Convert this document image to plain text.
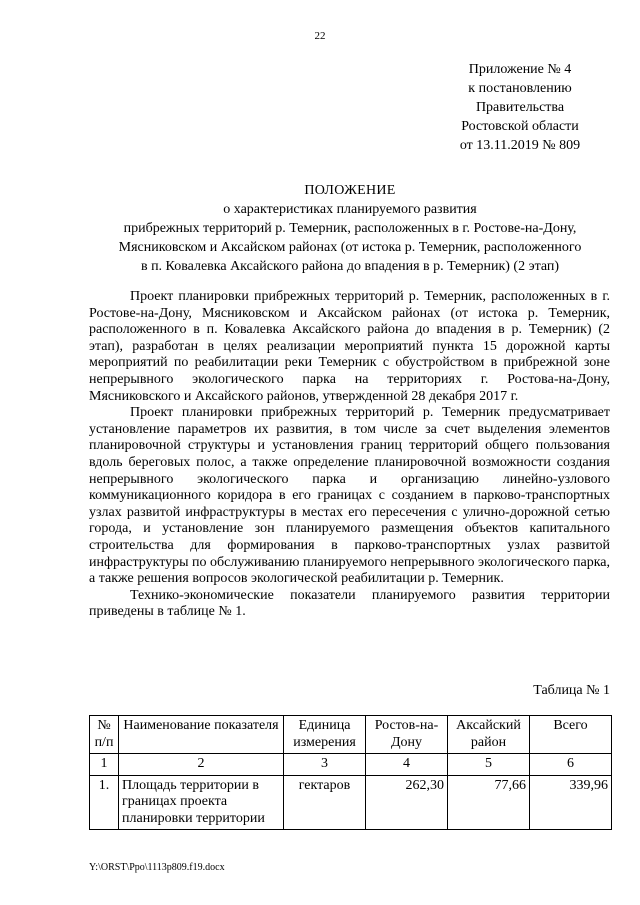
22
Приложение № 4
к постановлению
Правительства
Ростовской области
от 13.11.2019 № 809
ПОЛОЖЕНИЕ
о характеристиках планируемого развития
прибрежных территорий р. Темерник, расположенных в г. Ростове-на-Дону,
Мясниковском и Аксайском районах (от истока р. Темерник, расположенного
в п. Ковалевка Аксайского района до впадения в р. Темерник) (2 этап)

Проект планировки прибрежных территорий р. Темерник, расположенных в г. Ростове-на-Дону, Мясниковском и Аксайском районах (от истока р. Темерник, расположенного в п. Ковалевка Аксайского района до впадения в р. Темерник) (2 этап), разработан в целях реализации мероприятий пункта 15 дорожной карты мероприятий по реабилитации реки Темерник с обустройством в прибрежной зоне непрерывного экологического парка на территориях г. Ростова-на-Дону, Мясниковского и Аксайского районов, утвержденной 28 декабря 2017 г.

Проект планировки прибрежных территорий р. Темерник предусматривает установление параметров их развития, в том числе за счет выделения элементов планировочной структуры и установления границ территорий общего пользования вдоль береговых полос, а также определение планировочной возможности создания непрерывного экологического парка и организацию линейно-узлового коммуникационного коридора в его границах с созданием в парково-транспортных узлах развитой инфраструктуры в местах его пересечения с улично-дорожной сетью города, и установление зон планируемого размещения объектов капитального строительства для формирования в парково-транспортных узлах развитой инфраструктуры по обслуживанию планируемого непрерывного экологического парка, а также решения вопросов экологической реабилитации р. Темерник.

Технико-экономические показатели планируемого развития территории приведены в таблице № 1.

Таблица № 1
№ п/п	Наименование показателя	Единица измерения	Ростов-на-Дону	Аксайский район	Всего
1	2	3	4	5	6
1.	Площадь территории в границах проекта планировки территории	гектаров	262,30	77,66	339,96
Y:\ORST\Ppo\1113p809.f19.docx
